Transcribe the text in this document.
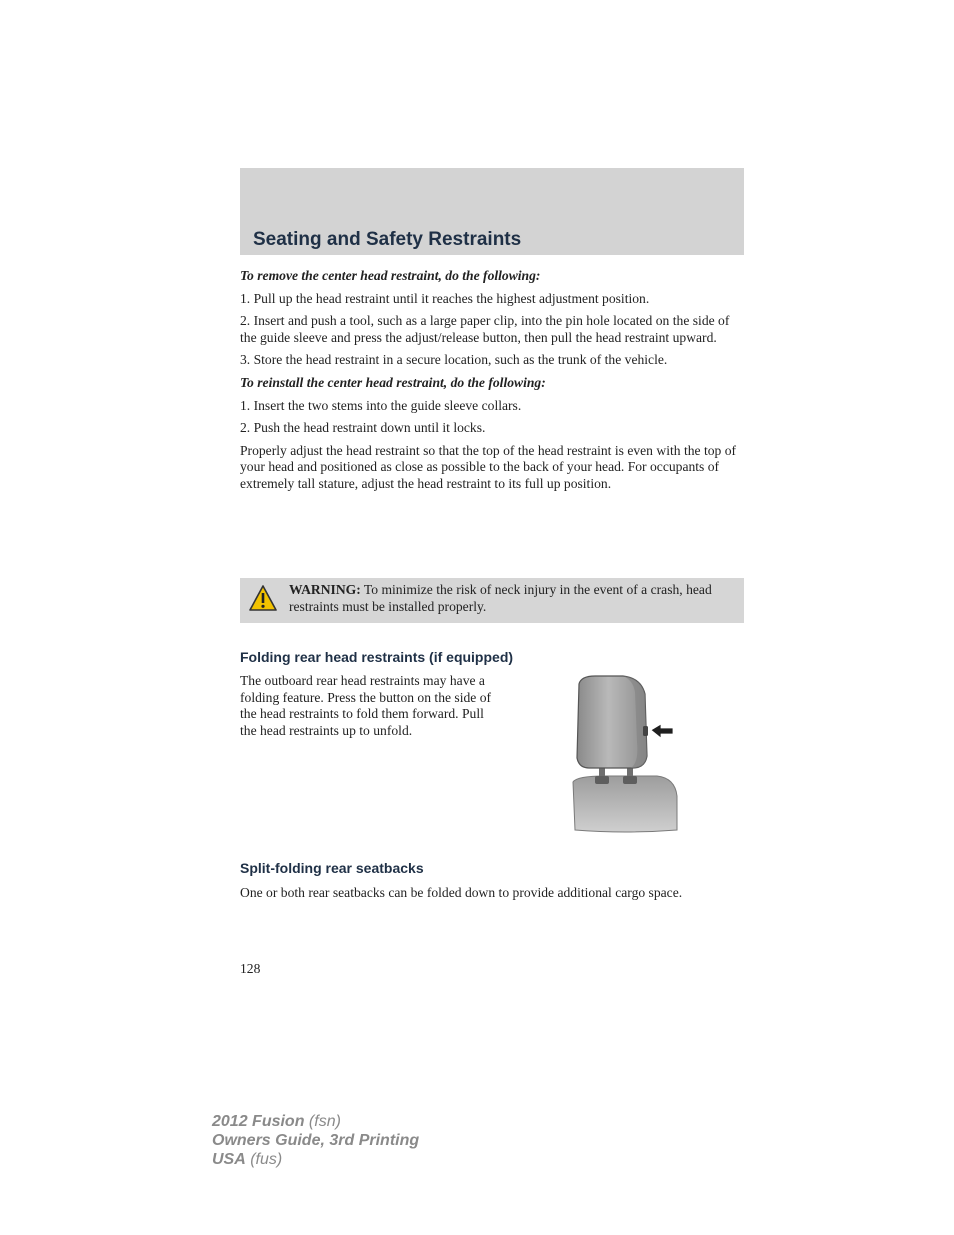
Seating and Safety Restraints

To remove the center head restraint, do the following:

1. Pull up the head restraint until it reaches the highest adjustment position.

2. Insert and push a tool, such as a large paper clip, into the pin hole located on the side of the guide sleeve and press the adjust/release button, then pull the head restraint upward.

3. Store the head restraint in a secure location, such as the trunk of the vehicle.

To reinstall the center head restraint, do the following:

1. Insert the two stems into the guide sleeve collars.

2. Push the head restraint down until it locks.

Properly adjust the head restraint so that the top of the head restraint is even with the top of your head and positioned as close as possible to the back of your head. For occupants of extremely tall stature, adjust the head restraint to its full up position.

WARNING: To minimize the risk of neck injury in the event of a crash, head restraints must be installed properly.

Folding rear head restraints (if equipped)

The outboard rear head restraints may have a folding feature. Press the button on the side of the head restraints to fold them forward. Pull the head restraints up to unfold.

Split-folding rear seatbacks

One or both rear seatbacks can be folded down to provide additional cargo space.

128

2012 Fusion (fsn)
Owners Guide, 3rd Printing
USA (fus)
